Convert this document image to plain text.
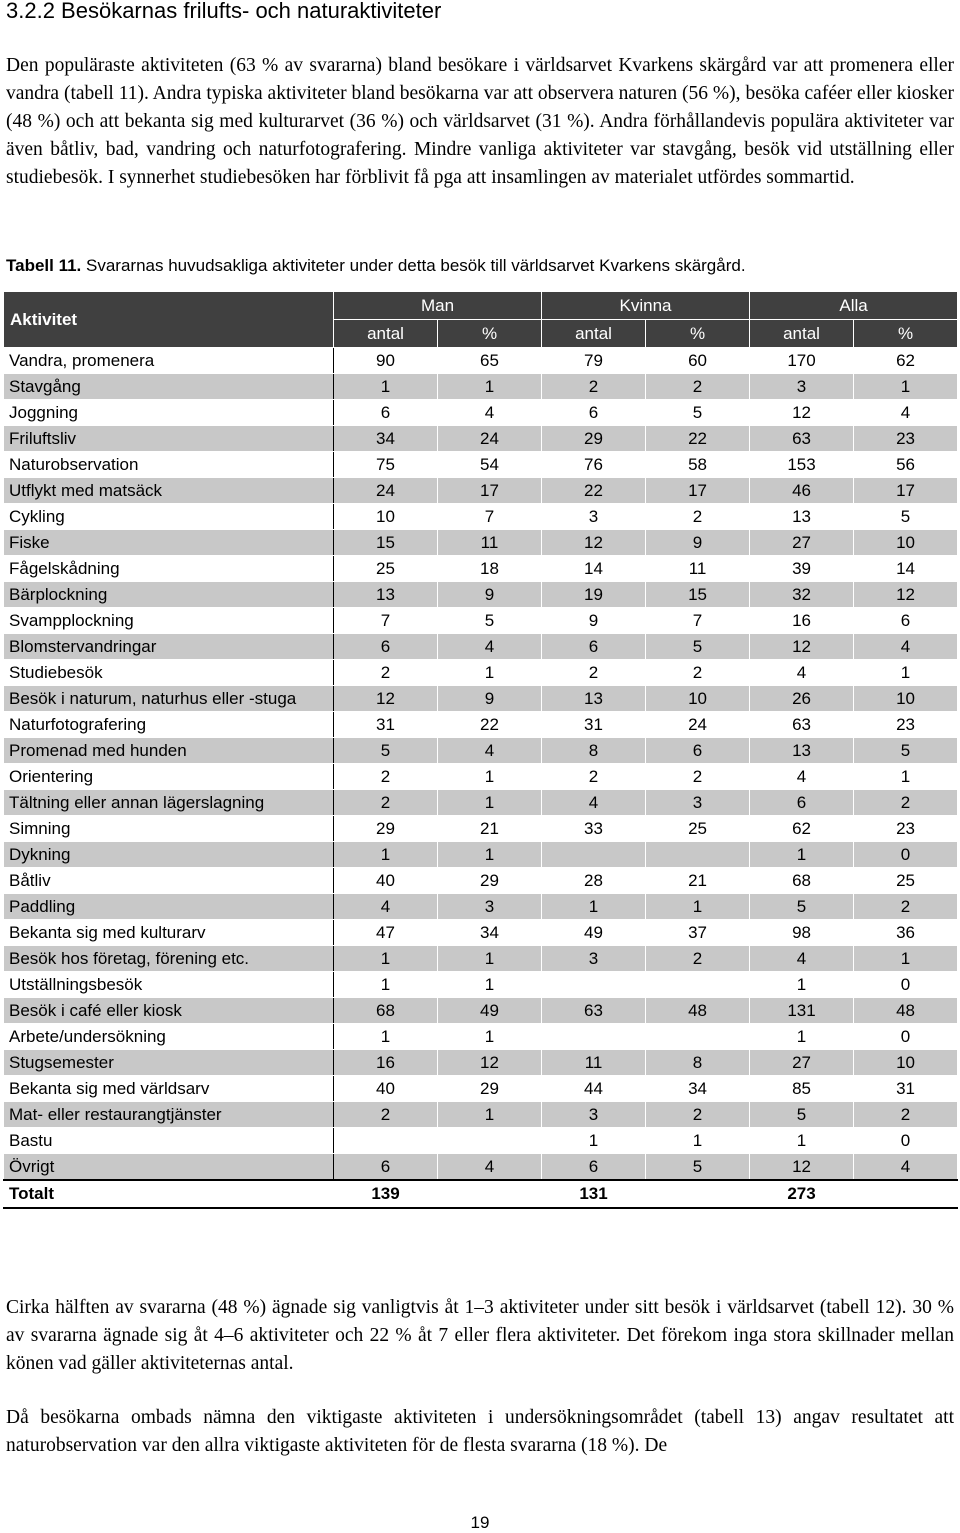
3.2.2 Besökarnas frilufts- och naturaktiviteter
Den populäraste aktiviteten (63 % av svararna) bland besökare i världsarvet Kvarkens skärgård var att promenera eller vandra (tabell 11). Andra typiska aktiviteter bland besökarna var att observera naturen (56 %), besöka caféer eller kiosker (48 %) och att bekanta sig med kulturarvet (36 %) och världsarvet (31 %). Andra förhållandevis populära aktiviteter var även båtliv, bad, vandring och naturfotografering. Mindre vanliga aktiviteter var stavgång, besök vid utställning eller studiebesök. I synnerhet studiebesöken har förblivit få pga att insamlingen av materialet utfördes sommartid.
Tabell 11. Svararnas huvudsakliga aktiviteter under detta besök till världsarvet Kvarkens skärgård.
Aktivitet	Man		Kvinna		Alla	
	antal	%	antal	%	antal	%
Vandra, promenera	90	65	79	60	170	62
Stavgång	1	1	2	2	3	1
Joggning	6	4	6	5	12	4
Friluftsliv	34	24	29	22	63	23
Naturobservation	75	54	76	58	153	56
Utflykt med matsäck	24	17	22	17	46	17
Cykling	10	7	3	2	13	5
Fiske	15	11	12	9	27	10
Fågelskådning	25	18	14	11	39	14
Bärplockning	13	9	19	15	32	12
Svampplockning	7	5	9	7	16	6
Blomstervandringar	6	4	6	5	12	4
Studiebesök	2	1	2	2	4	1
Besök i naturum, naturhus eller -stuga	12	9	13	10	26	10
Naturfotografering	31	22	31	24	63	23
Promenad med hunden	5	4	8	6	13	5
Orientering	2	1	2	2	4	1
Tältning eller annan lägerslagning	2	1	4	3	6	2
Simning	29	21	33	25	62	23
Dykning	1	1			1	0
Båtliv	40	29	28	21	68	25
Paddling	4	3	1	1	5	2
Bekanta sig med kulturarv	47	34	49	37	98	36
Besök hos företag, förening etc.	1	1	3	2	4	1
Utställningsbesök	1	1			1	0
Besök i café eller kiosk	68	49	63	48	131	48
Arbete/undersökning	1	1			1	0
Stugsemester	16	12	11	8	27	10
Bekanta sig med världsarv	40	29	44	34	85	31
Mat- eller restaurangtjänster	2	1	3	2	5	2
Bastu			1	1	1	0
Övrigt	6	4	6	5	12	4
Totalt	139		131		273	
Cirka hälften av svararna (48 %) ägnade sig vanligtvis åt 1–3 aktiviteter under sitt besök i världsarvet (tabell 12). 30 % av svararna ägnade sig åt 4–6 aktiviteter och 22 % åt 7 eller flera aktiviteter. Det förekom inga stora skillnader mellan könen vad gäller aktiviteternas antal.
Då besökarna ombads nämna den viktigaste aktiviteten i undersökningsområdet (tabell 13) angav resultatet att naturobservation var den allra viktigaste aktiviteten för de flesta svararna (18 %). De
19
